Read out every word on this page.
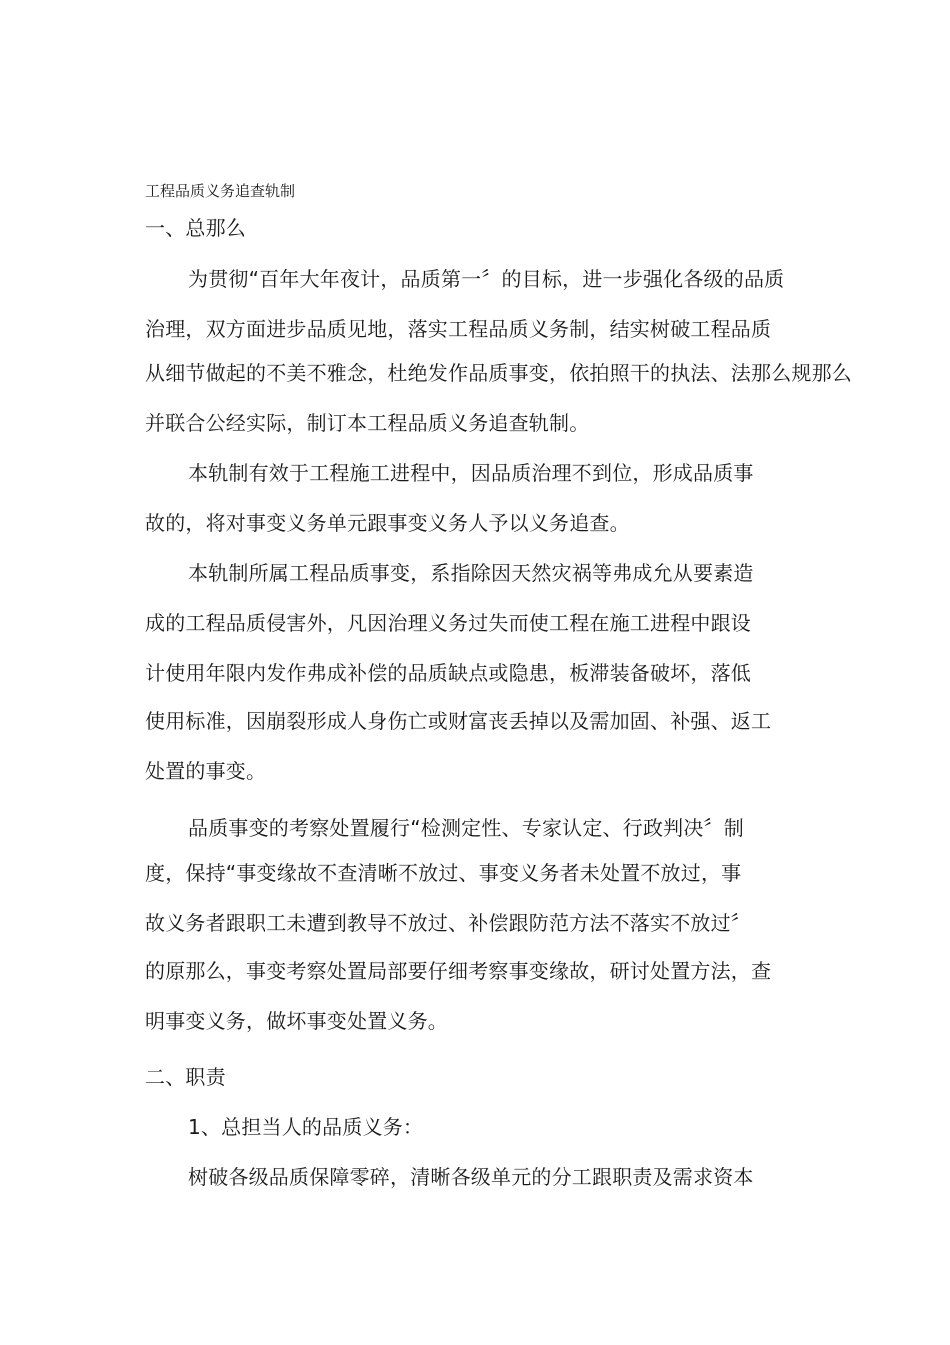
工程品质义务追查轨制
一、总那么
为贯彻“百年大年夜计，品质第一〞的目标，进一步强化各级的品质
治理，双方面进步品质见地，落实工程品质义务制，结实树破工程品质
从细节做起的不美不雅念，杜绝发作品质事变，依拍照干的执法、法那么规那么
并联合公经实际，制订本工程品质义务追查轨制。
本轨制有效于工程施工进程中，因品质治理不到位，形成品质事
故的，将对事变义务单元跟事变义务人予以义务追查。
本轨制所属工程品质事变，系指除因天然灾祸等弗成允从要素造
成的工程品质侵害外，凡因治理义务过失而使工程在施工进程中跟设
计使用年限内发作弗成补偿的品质缺点或隐患，板滞装备破坏，落低
使用标准，因崩裂形成人身伤亡或财富丧丢掉以及需加固、补强、返工
处置的事变。
品质事变的考察处置履行“检测定性、专家认定、行政判决〞制
度，保持“事变缘故不查清晰不放过、事变义务者未处置不放过，事
故义务者跟职工未遭到教导不放过、补偿跟防范方法不落实不放过〞
的原那么，事变考察处置局部要仔细考察事变缘故，研讨处置方法，查
明事变义务，做坏事变处置义务。
二、职责
1、总担当人的品质义务：
树破各级品质保障零碎，清晰各级单元的分工跟职责及需求资本
